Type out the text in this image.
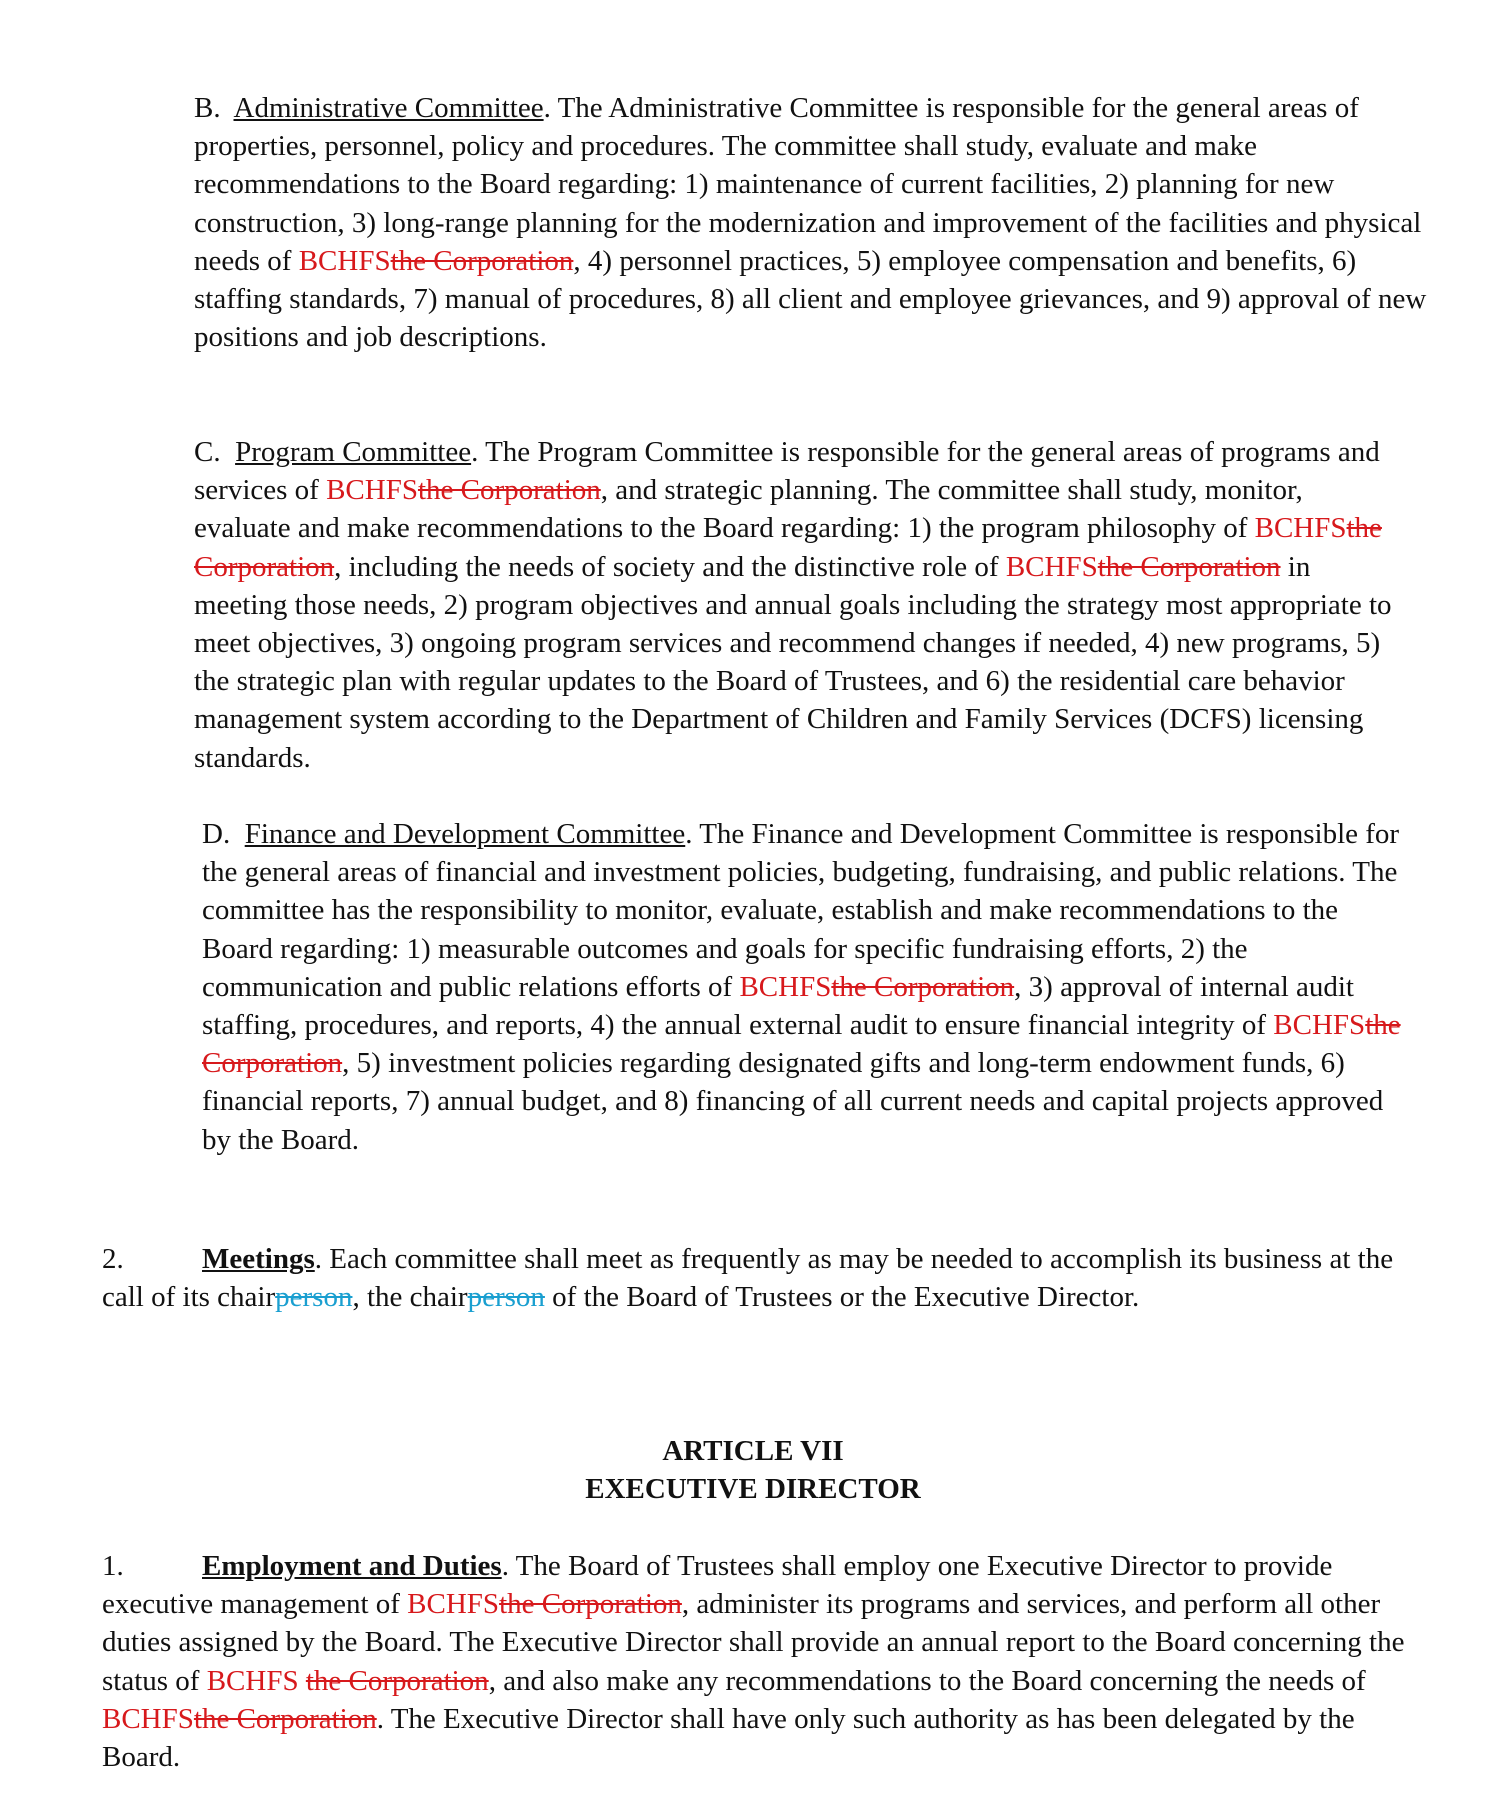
B. Administrative Committee. The Administrative Committee is responsible for the general areas of properties, personnel, policy and procedures. The committee shall study, evaluate and make recommendations to the Board regarding: 1) maintenance of current facilities, 2) planning for new construction, 3) long-range planning for the modernization and improvement of the facilities and physical needs of BCHFSthe Corporation, 4) personnel practices, 5) employee compensation and benefits, 6) staffing standards, 7) manual of procedures, 8) all client and employee grievances, and 9) approval of new positions and job descriptions.

C. Program Committee. The Program Committee is responsible for the general areas of programs and services of BCHFSthe Corporation, and strategic planning. The committee shall study, monitor, evaluate and make recommendations to the Board regarding: 1) the program philosophy of BCHFSthe Corporation, including the needs of society and the distinctive role of BCHFSthe Corporation in meeting those needs, 2) program objectives and annual goals including the strategy most appropriate to meet objectives, 3) ongoing program services and recommend changes if needed, 4) new programs, 5) the strategic plan with regular updates to the Board of Trustees, and 6) the residential care behavior management system according to the Department of Children and Family Services (DCFS) licensing standards.

D. Finance and Development Committee. The Finance and Development Committee is responsible for the general areas of financial and investment policies, budgeting, fundraising, and public relations. The committee has the responsibility to monitor, evaluate, establish and make recommendations to the Board regarding: 1) measurable outcomes and goals for specific fundraising efforts, 2) the communication and public relations efforts of BCHFSthe Corporation, 3) approval of internal audit staffing, procedures, and reports, 4) the annual external audit to ensure financial integrity of BCHFSthe Corporation, 5) investment policies regarding designated gifts and long-term endowment funds, 6) financial reports, 7) annual budget, and 8) financing of all current needs and capital projects approved by the Board.

2.	Meetings. Each committee shall meet as frequently as may be needed to accomplish its business at the call of its chairperson, the chairperson of the Board of Trustees or the Executive Director.

ARTICLE VII
EXECUTIVE DIRECTOR

1.	Employment and Duties. The Board of Trustees shall employ one Executive Director to provide executive management of BCHFSthe Corporation, administer its programs and services, and perform all other duties assigned by the Board. The Executive Director shall provide an annual report to the Board concerning the status of BCHFS the Corporation, and also make any recommendations to the Board concerning the needs of BCHFSthe Corporation. The Executive Director shall have only such authority as has been delegated by the Board.
